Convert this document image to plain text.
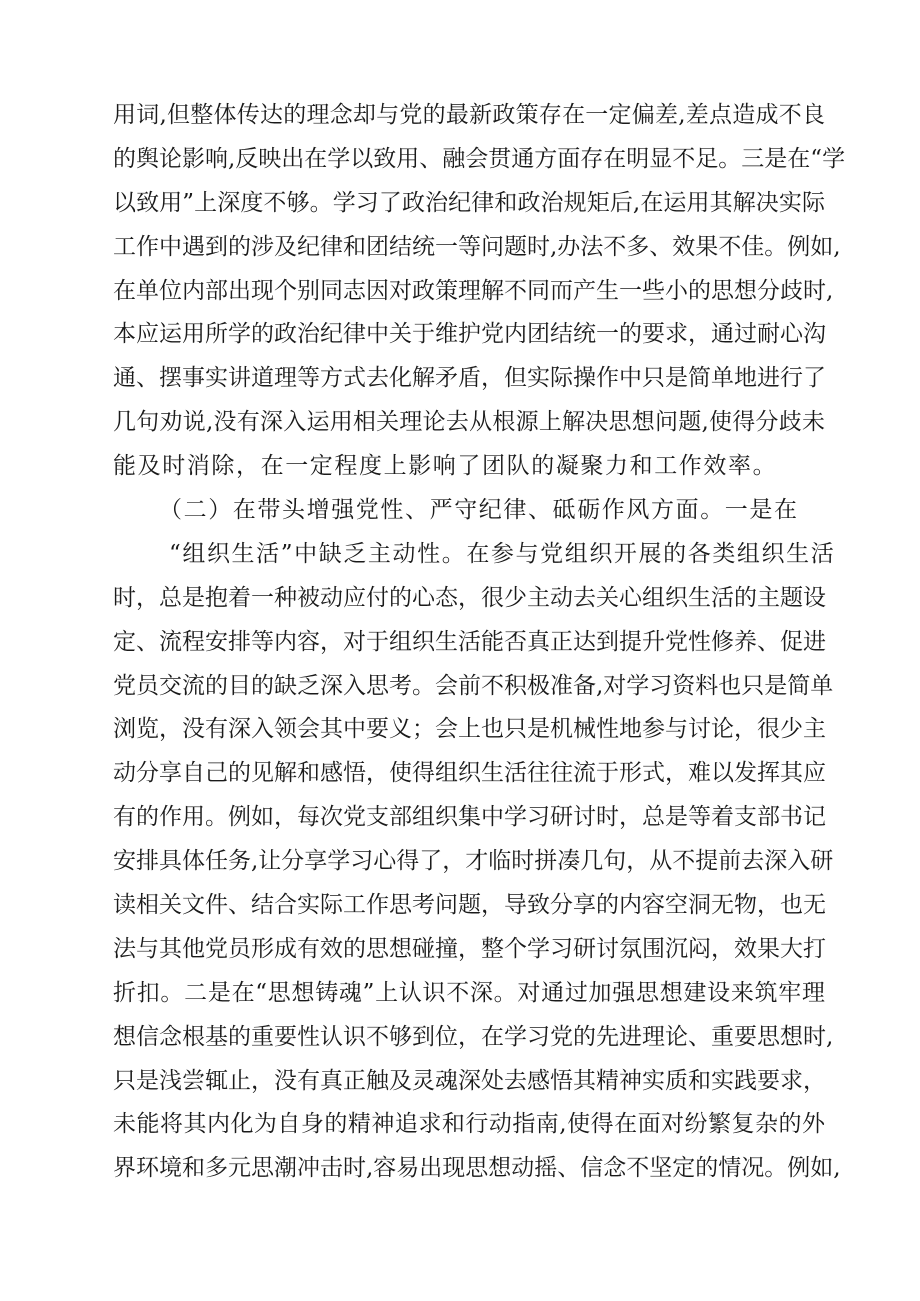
用词,但整体传达的理念却与党的最新政策存在一定偏差,差点造成不良
的舆论影响,反映出在学以致用、融会贯通方面存在明显不足。三是在“学
以致用”上深度不够。学习了政治纪律和政治规矩后,在运用其解决实际
工作中遇到的涉及纪律和团结统一等问题时,办法不多、效果不佳。例如,
在单位内部出现个别同志因对政策理解不同而产生一些小的思想分歧时,
本应运用所学的政治纪律中关于维护党内团结统一的要求，通过耐心沟
通、摆事实讲道理等方式去化解矛盾，但实际操作中只是简单地进行了
几句劝说,没有深入运用相关理论去从根源上解决思想问题,使得分歧未
能及时消除，在一定程度上影响了团队的凝聚力和工作效率。
（二）在带头增强党性、严守纪律、砥砺作风方面。一是在
“组织生活”中缺乏主动性。在参与党组织开展的各类组织生活
时，总是抱着一种被动应付的心态，很少主动去关心组织生活的主题设
定、流程安排等内容，对于组织生活能否真正达到提升党性修养、促进
党员交流的目的缺乏深入思考。会前不积极准备,对学习资料也只是简单
浏览，没有深入领会其中要义；会上也只是机械性地参与讨论，很少主
动分享自己的见解和感悟，使得组织生活往往流于形式，难以发挥其应
有的作用。例如，每次党支部组织集中学习研讨时，总是等着支部书记
安排具体任务,让分享学习心得了，才临时拼凑几句，从不提前去深入研
读相关文件、结合实际工作思考问题，导致分享的内容空洞无物，也无
法与其他党员形成有效的思想碰撞，整个学习研讨氛围沉闷，效果大打
折扣。二是在“思想铸魂”上认识不深。对通过加强思想建设来筑牢理
想信念根基的重要性认识不够到位，在学习党的先进理论、重要思想时,
只是浅尝辄止，没有真正触及灵魂深处去感悟其精神实质和实践要求，
未能将其内化为自身的精神追求和行动指南,使得在面对纷繁复杂的外
界环境和多元思潮冲击时,容易出现思想动摇、信念不坚定的情况。例如,
